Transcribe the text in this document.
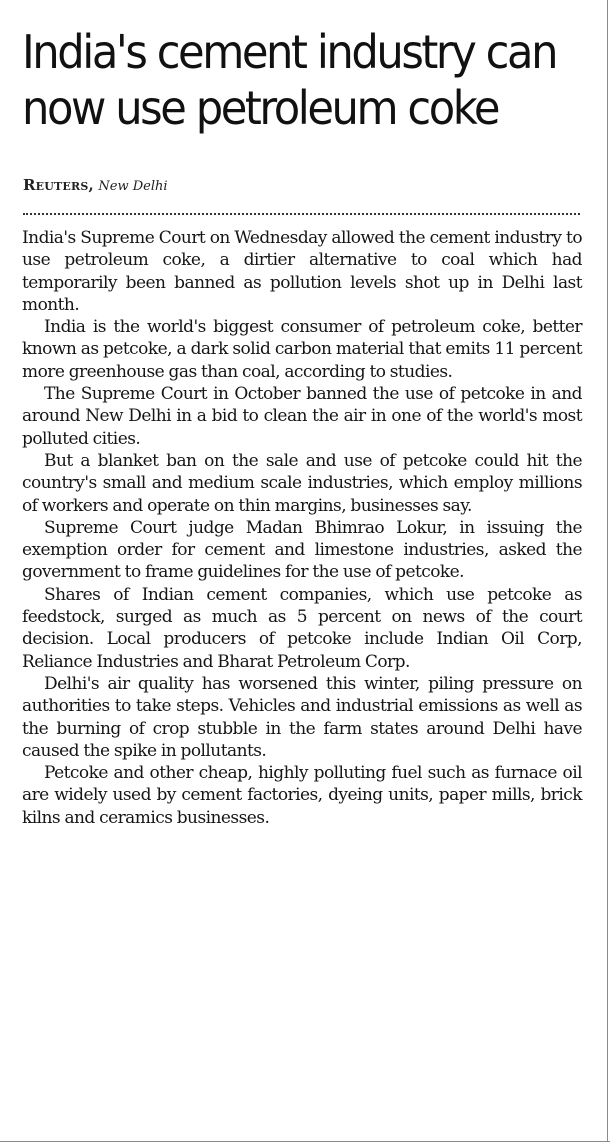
India's cement industry can
now use petroleum coke
Reuters, New Delhi

India's Supreme Court on Wednesday allowed the cement industry to use petroleum coke, a dirtier alternative to coal which had temporarily been banned as pollution levels shot up in Delhi last month.

India is the world's biggest consumer of petroleum coke, better known as petcoke, a dark solid carbon material that emits 11 percent more greenhouse gas than coal, according to studies.

The Supreme Court in October banned the use of petcoke in and around New Delhi in a bid to clean the air in one of the world's most polluted cities.

But a blanket ban on the sale and use of petcoke could hit the country's small and medium scale industries, which employ millions of workers and operate on thin margins, businesses say.

Supreme Court judge Madan Bhimrao Lokur, in issuing the exemption order for cement and limestone industries, asked the government to frame guidelines for the use of petcoke.

Shares of Indian cement companies, which use petcoke as feedstock, surged as much as 5 percent on news of the court decision. Local producers of petcoke include Indian Oil Corp, Reliance Industries and Bharat Petroleum Corp.

Delhi's air quality has worsened this winter, piling pressure on authorities to take steps. Vehicles and industrial emissions as well as the burning of crop stubble in the farm states around Delhi have caused the spike in pollutants.

Petcoke and other cheap, highly polluting fuel such as furnace oil are widely used by cement factories, dyeing units, paper mills, brick kilns and ceramics businesses.
